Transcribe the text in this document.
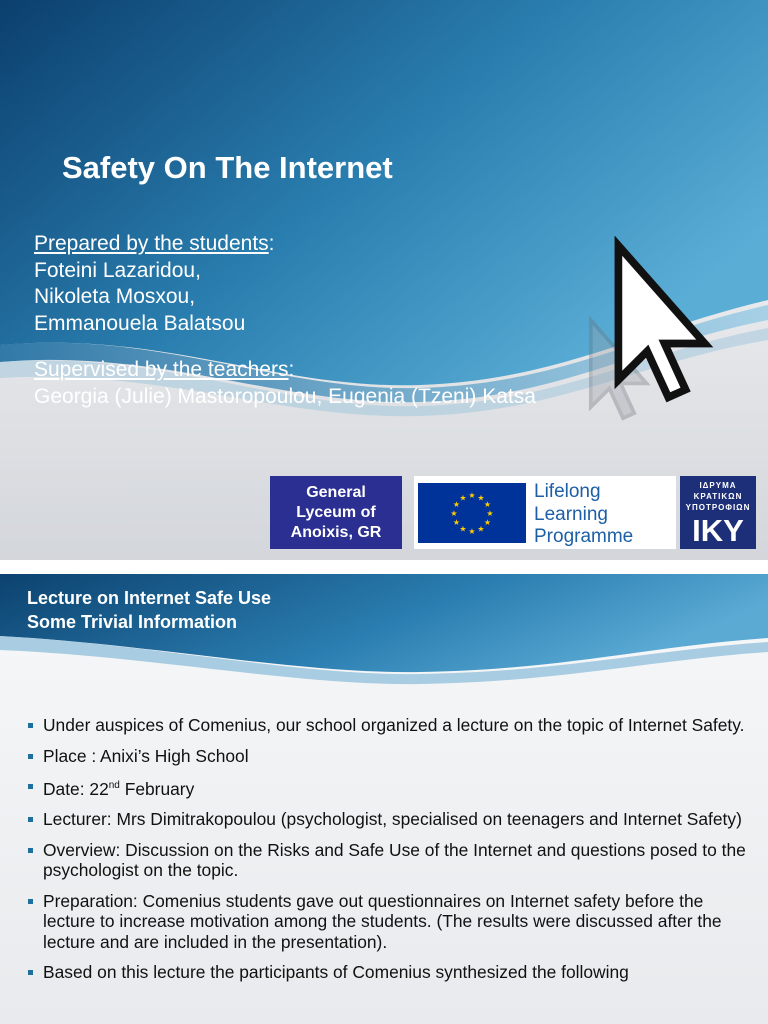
Safety On The Internet
Prepared by the students:
Foteini Lazaridou,
Nikoleta Mosxou,
Emmanouela Balatsou
Supervised by the teachers:
Georgia (Julie) Mastoropoulou, Eugenia (Tzeni) Katsa
General
Lyceum of
Anoixis, GR
★ ★
★
★
★
★
★
★
★
★
★
★	Lifelong
Learning
Programme
ΙΔΡΥΜΑ
ΚΡΑΤΙΚΩΝ
ΥΠΟΤΡΟΦΙΩΝ
IKY
Lecture on Internet Safe Use
Some Trivial Information
Under auspices of Comenius, our school organized a lecture on the topic of Internet Safety.
Place : Anixi’s High School
Date: 22nd February
Lecturer: Mrs Dimitrakopoulou (psychologist, specialised on teenagers and Internet Safety)
Overview: Discussion on the Risks and Safe Use of the Internet and questions posed to the psychologist on the topic.
Preparation: Comenius students gave out questionnaires on Internet safety before the lecture to increase motivation among the students. (The results were discussed after the lecture and are included in the presentation).
Based on this lecture the participants of Comenius synthesized the following
